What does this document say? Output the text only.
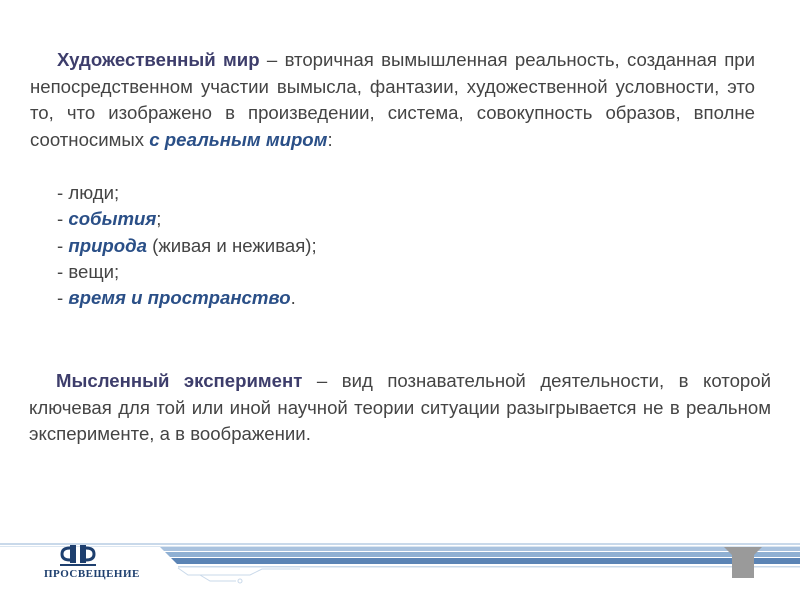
Художественный мир – вторичная вымышленная реальность, созданная при непосредственном участии вымысла, фантазии, художественной условности, это то, что изображено в произведении, система, совокупность образов, вполне соотносимых с реальным миром:

- люди;
- события;
- природа (живая и неживая);
- вещи;
- время и пространство.

Мысленный эксперимент – вид познавательной деятельности, в которой ключевая для той или иной научной теории ситуации разыгрывается не в реальном эксперименте, а в воображении.

ПРОСВЕЩЕНИЕ
